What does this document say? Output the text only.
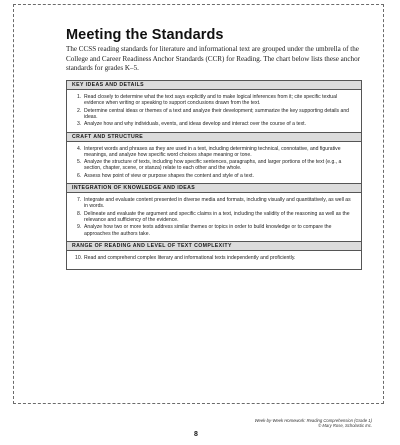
Meeting the Standards
The CCSS reading standards for literature and informational text are grouped under the umbrella of the College and Career Readiness Anchor Standards (CCR) for Reading. The chart below lists these anchor standards for grades K–5.
KEY IDEAS AND DETAILS
1. Read closely to determine what the text says explicitly and to make logical inferences from it; cite specific textual evidence when writing or speaking to support conclusions drawn from the text.
2. Determine central ideas or themes of a text and analyze their development; summarize the key supporting details and ideas.
3. Analyze how and why individuals, events, and ideas develop and interact over the course of a text.
CRAFT AND STRUCTURE
4. Interpret words and phrases as they are used in a text, including determining technical, connotative, and figurative meanings, and analyze how specific word choices shape meaning or tone.
5. Analyze the structure of texts, including how specific sentences, paragraphs, and larger portions of the text (e.g., a section, chapter, scene, or stanza) relate to each other and the whole.
6. Assess how point of view or purpose shapes the content and style of a text.
INTEGRATION OF KNOWLEDGE AND IDEAS
7. Integrate and evaluate content presented in diverse media and formats, including visually and quantitatively, as well as in words.
8. Delineate and evaluate the argument and specific claims in a text, including the validity of the reasoning as well as the relevance and sufficiency of the evidence.
9. Analyze how two or more texts address similar themes or topics in order to build knowledge or to compare the approaches the authors take.
RANGE OF READING AND LEVEL OF TEXT COMPLEXITY
10. Read and comprehend complex literary and informational texts independently and proficiently.
Week-by-Week Homework: Reading Comprehension (Grade 1)
© Mary Rose, Scholastic Inc.
8
